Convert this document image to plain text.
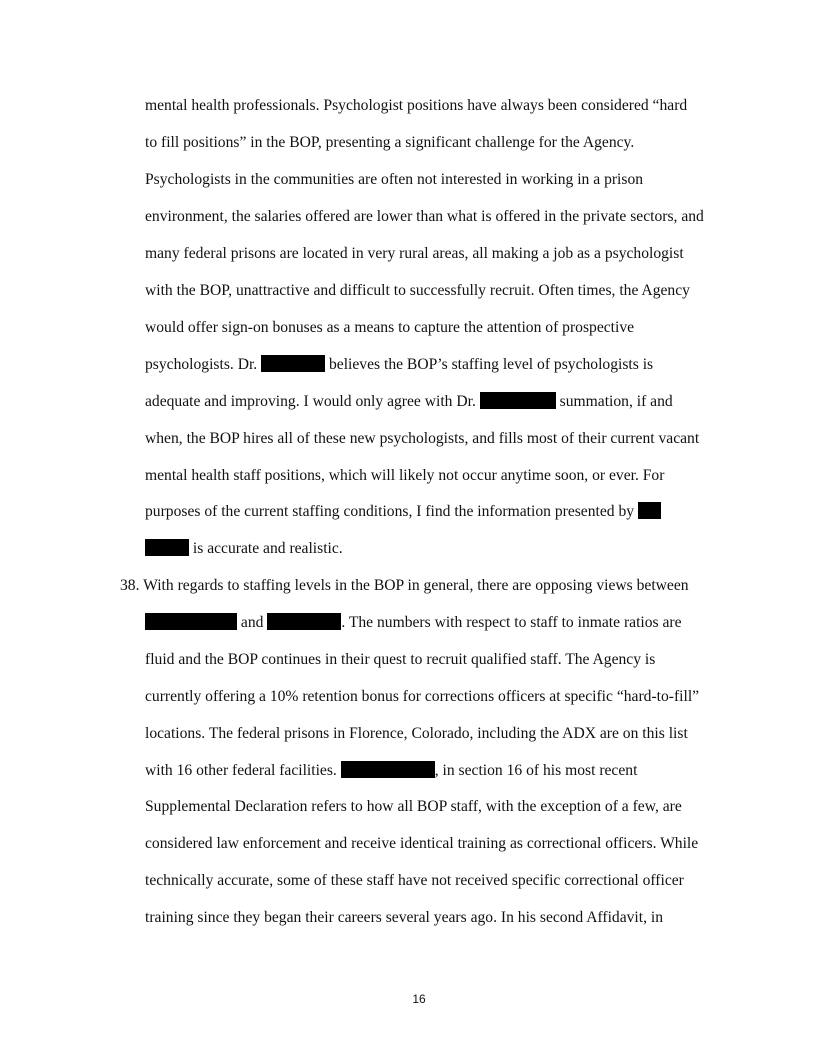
mental health professionals. Psychologist positions have always been considered “hard
to fill positions” in the BOP, presenting a significant challenge for the Agency.
Psychologists in the communities are often not interested in working in a prison
environment, the salaries offered are lower than what is offered in the private sectors, and
many federal prisons are located in very rural areas, all making a job as a psychologist
with the BOP, unattractive and difficult to successfully recruit. Often times, the Agency
would offer sign-on bonuses as a means to capture the attention of prospective
psychologists. Dr.	believes the BOP’s staffing level of psychologists is
adequate and improving. I would only agree with Dr.	summation, if and
when, the BOP hires all of these new psychologists, and fills most of their current vacant
mental health staff positions, which will likely not occur anytime soon, or ever. For
purposes of the current staffing conditions, I find the information presented by
is accurate and realistic.
38. With regards to staffing levels in the BOP in general, there are opposing views between
and	. The numbers with respect to staff to inmate ratios are
fluid and the BOP continues in their quest to recruit qualified staff. The Agency is
currently offering a 10% retention bonus for corrections officers at specific “hard-to-fill”
locations. The federal prisons in Florence, Colorado, including the ADX are on this list
with 16 other federal facilities.	, in section 16 of his most recent
Supplemental Declaration refers to how all BOP staff, with the exception of a few, are
considered law enforcement and receive identical training as correctional officers. While
technically accurate, some of these staff have not received specific correctional officer
training since they began their careers several years ago. In his second Affidavit, in
16
